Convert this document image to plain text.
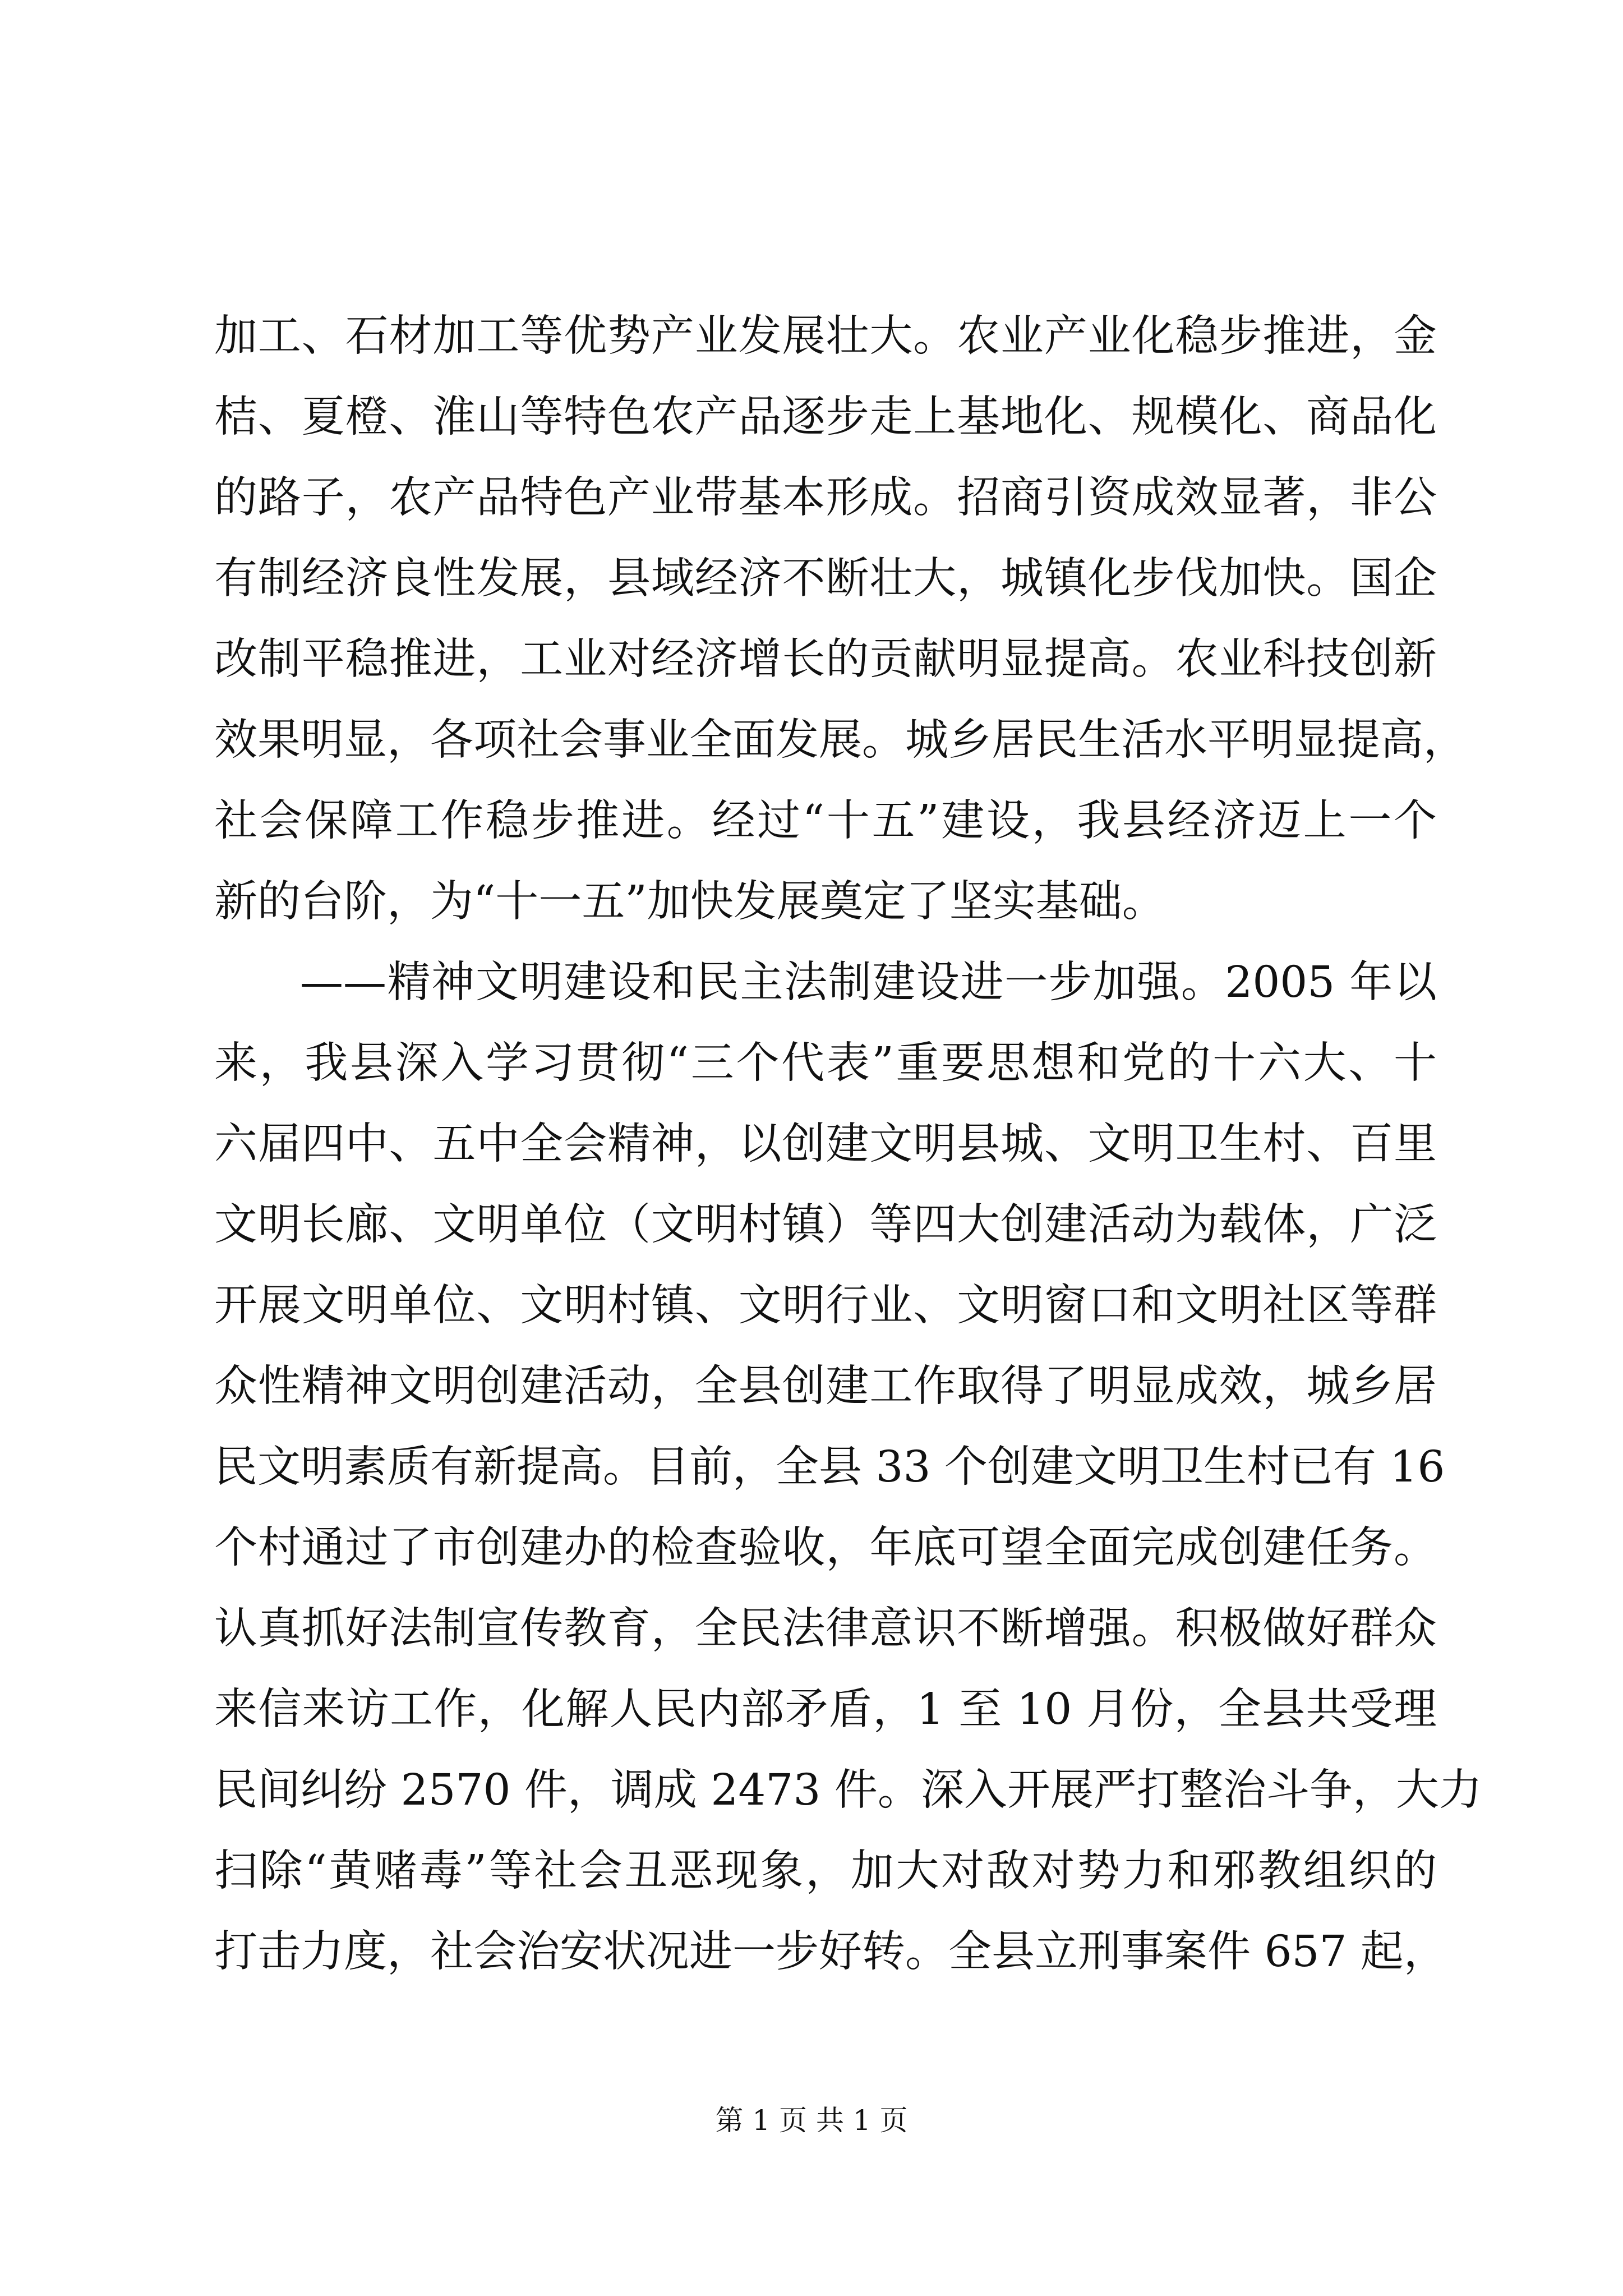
加工、石材加工等优势产业发展壮大。农业产业化稳步推进，金
桔、夏橙、淮山等特色农产品逐步走上基地化、规模化、商品化
的路子，农产品特色产业带基本形成。招商引资成效显著，非公
有制经济良性发展，县域经济不断壮大，城镇化步伐加快。国企
改制平稳推进，工业对经济增长的贡献明显提高。农业科技创新
效果明显，各项社会事业全面发展。城乡居民生活水平明显提高，
社会保障工作稳步推进。经过“十五”建设，我县经济迈上一个
新的台阶，为“十一五”加快发展奠定了坚实基础。
——精神文明建设和民主法制建设进一步加强。2005 年以
来，我县深入学习贯彻“三个代表”重要思想和党的十六大、十
六届四中、五中全会精神，以创建文明县城、文明卫生村、百里
文明长廊、文明单位（文明村镇）等四大创建活动为载体，广泛
开展文明单位、文明村镇、文明行业、文明窗口和文明社区等群
众性精神文明创建活动，全县创建工作取得了明显成效，城乡居
民文明素质有新提高。目前，全县 33 个创建文明卫生村已有 16
个村通过了市创建办的检查验收，年底可望全面完成创建任务。
认真抓好法制宣传教育，全民法律意识不断增强。积极做好群众
来信来访工作，化解人民内部矛盾，1 至 10 月份，全县共受理
民间纠纷 2570 件，调成 2473 件。深入开展严打整治斗争，大力
扫除“黄赌毒”等社会丑恶现象，加大对敌对势力和邪教组织的
打击力度，社会治安状况进一步好转。全县立刑事案件 657 起，
第 1 页 共 1 页
